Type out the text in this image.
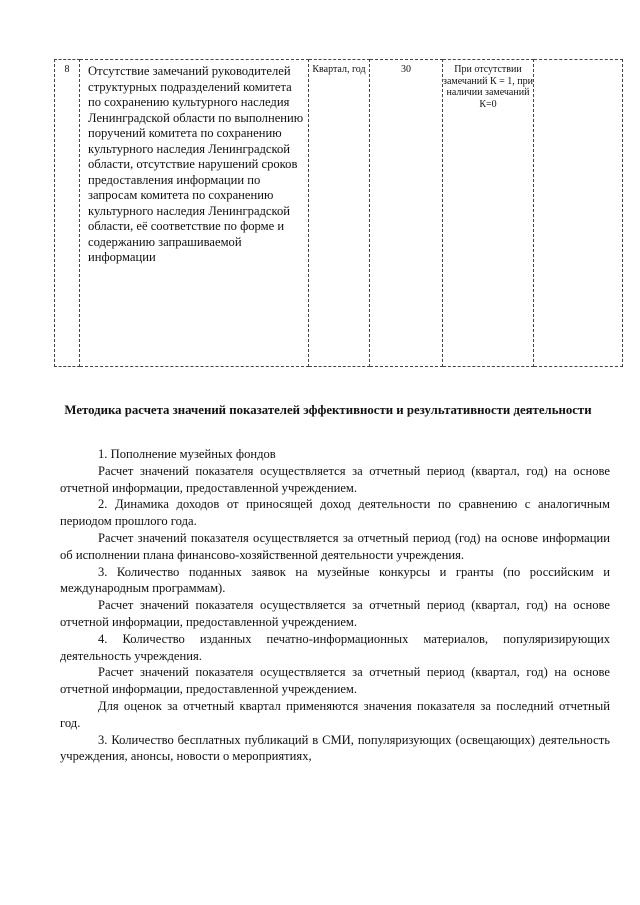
8	Отсутствие замечаний руководителей структурных подразделений комитета по сохранению культурного наследия Ленинградской области по выполнению поручений комитета по сохранению культурного наследия Ленинградской области, отсутствие нарушений сроков предоставления информации по запросам комитета по сохранению культурного наследия Ленинградской области, её соответствие по форме и содержанию запрашиваемой информации	Квартал, год	30	При отсутствии замечаний К = 1, при наличии замечаний К=0	
Методика расчета значений показателей эффективности и результативности деятельности

1. Пополнение музейных фондов

Расчет значений показателя осуществляется за отчетный период (квартал, год) на основе отчетной информации, предоставленной учреждением.

2. Динамика доходов от приносящей доход деятельности по сравнению с аналогичным периодом прошлого года.

Расчет значений показателя осуществляется за отчетный период (год) на основе информации об исполнении плана финансово-хозяйственной деятельности учреждения.

3. Количество поданных заявок на музейные конкурсы и гранты (по российским и международным программам).

Расчет значений показателя осуществляется за отчетный период (квартал, год) на основе отчетной информации, предоставленной учреждением.

4. Количество изданных печатно-информационных материалов, популяризирующих деятельность учреждения.

Расчет значений показателя осуществляется за отчетный период (квартал, год) на основе отчетной информации, предоставленной учреждением.

Для оценок за отчетный квартал применяются значения показателя за последний отчетный год.

3. Количество бесплатных публикаций в СМИ, популяризующих (освещающих) деятельность учреждения, анонсы, новости о мероприятиях,
